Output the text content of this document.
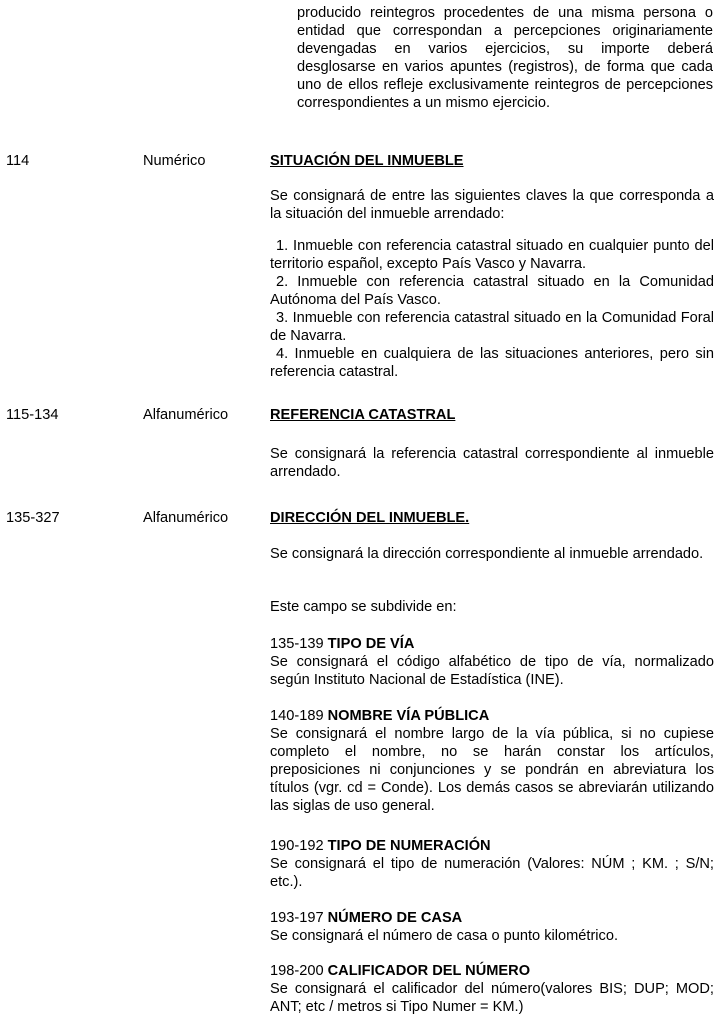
producido reintegros procedentes de una misma persona o entidad que correspondan a percepciones originariamente devengadas en varios ejercicios, su importe deberá desglosarse en varios apuntes (registros), de forma que cada uno de ellos refleje exclusivamente reintegros de percepciones correspondientes a un mismo ejercicio.

114	Numérico	SITUACIÓN DEL INMUEBLE

Se consignará de entre las siguientes claves la que corresponda a la situación del inmueble arrendado:

1. Inmueble con referencia catastral situado en cualquier punto del territorio español, excepto País Vasco y Navarra.

2. Inmueble con referencia catastral situado en la Comunidad Autónoma del País Vasco.

3. Inmueble con referencia catastral situado en la Comunidad Foral de Navarra.

4. Inmueble en cualquiera de las situaciones anteriores, pero sin referencia catastral.

115-134	Alfanumérico	REFERENCIA CATASTRAL

Se consignará la referencia catastral correspondiente al inmueble arrendado.

135-327	Alfanumérico	DIRECCIÓN DEL INMUEBLE.

Se consignará la dirección correspondiente al inmueble arrendado.

Este campo se subdivide en:

135-139 TIPO DE VÍA

Se consignará el código alfabético de tipo de vía, normalizado según Instituto Nacional de Estadística (INE).

140-189 NOMBRE VÍA PÚBLICA

Se consignará el nombre largo de la vía pública, si no cupiese completo el nombre, no se harán constar los artículos, preposiciones ni conjunciones y se pondrán en abreviatura los títulos (vgr. cd = Conde). Los demás casos se abreviarán utilizando las siglas de uso general.

190-192 TIPO DE NUMERACIÓN

Se consignará el tipo de numeración (Valores: NÚM ; KM. ; S/N; etc.).

193-197 NÚMERO DE CASA

Se consignará el número de casa o punto kilométrico.

198-200 CALIFICADOR DEL NÚMERO

Se consignará el calificador del número(valores BIS; DUP; MOD; ANT; etc / metros si Tipo Numer = KM.)
